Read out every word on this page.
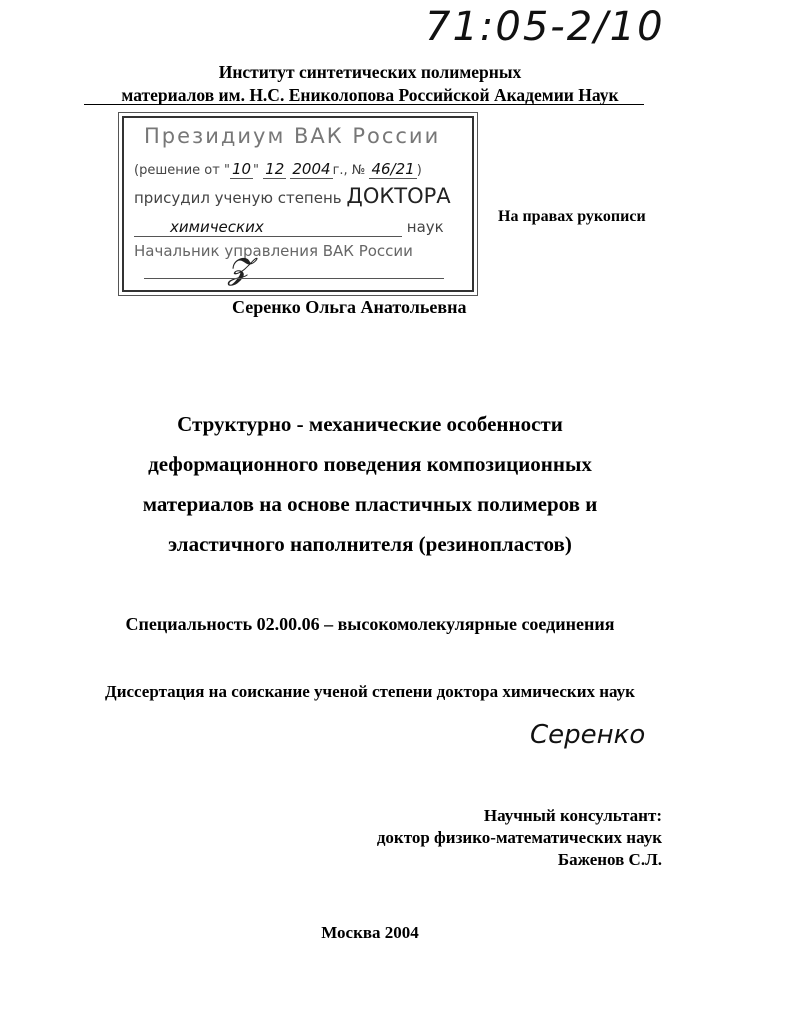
71:05-2/10
Институт синтетических полимерных
материалов им. Н.С. Ениколопова Российской Академии Наук
Президиум ВАК России
(решение от " 10 " 12 2004 г., № 46/21 )
присудил ученую степень ДОКТОРА
химических	наук
Начальник управления ВАК России
𝓩
На правах рукописи
Серенко Ольга Анатольевна
Структурно - механические особенности
деформационного поведения композиционных
материалов на основе пластичных полимеров и
эластичного наполнителя (резинопластов)
Специальность 02.00.06 – высокомолекулярные соединения
Диссертация на соискание ученой степени доктора химических наук
Серенко
Научный консультант:
доктор физико-математических наук
Баженов С.Л.
Москва 2004
